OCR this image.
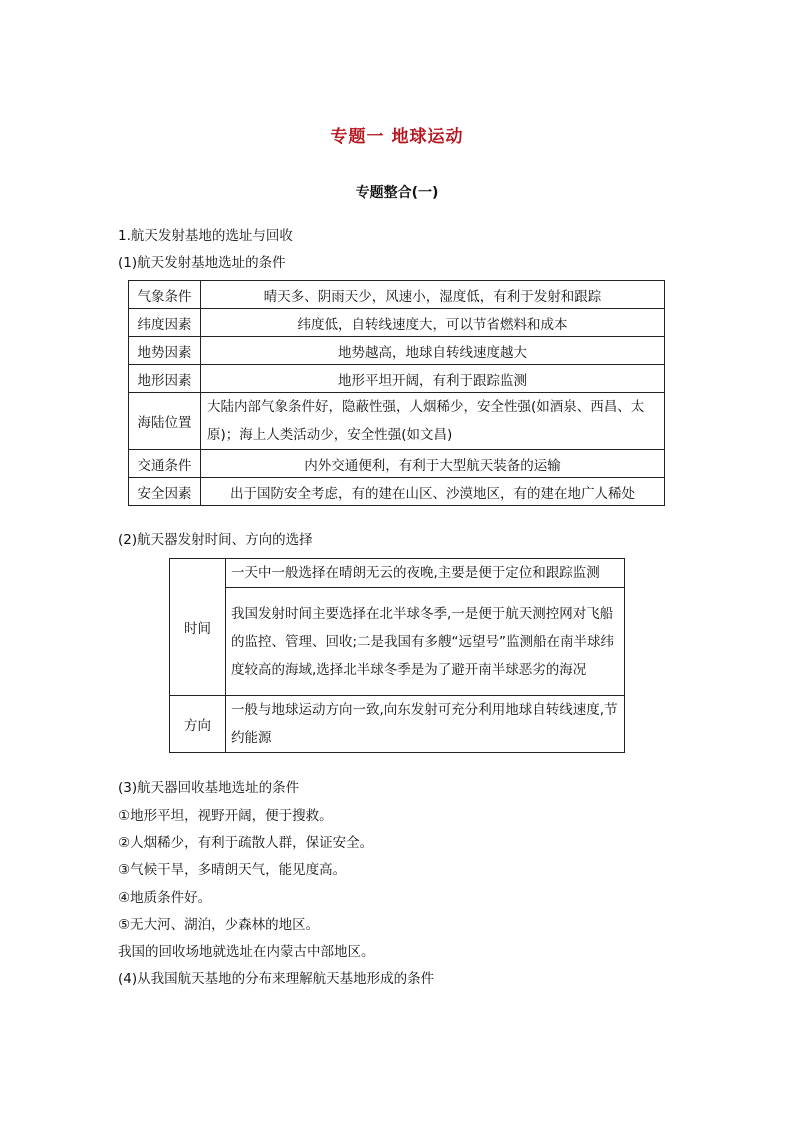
专题一 地球运动
专题整合(一)
1.航天发射基地的选址与回收
(1)航天发射基地选址的条件
气象条件	晴天多、阴雨天少，风速小，湿度低，有利于发射和跟踪
纬度因素	纬度低，自转线速度大，可以节省燃料和成本
地势因素	地势越高，地球自转线速度越大
地形因素	地形平坦开阔，有利于跟踪监测
海陆位置	大陆内部气象条件好，隐蔽性强，人烟稀少，安全性强(如酒泉、西昌、太原)；海上人类活动少，安全性强(如文昌)
交通条件	内外交通便利，有利于大型航天装备的运输
安全因素	出于国防安全考虑，有的建在山区、沙漠地区，有的建在地广人稀处
(2)航天器发射时间、方向的选择
时间	一天中一般选择在晴朗无云的夜晚,主要是便于定位和跟踪监测
	我国发射时间主要选择在北半球冬季,一是便于航天测控网对飞船的监控、管理、回收;二是我国有多艘“远望号”监测船在南半球纬度较高的海域,选择北半球冬季是为了避开南半球恶劣的海况
方向	一般与地球运动方向一致,向东发射可充分利用地球自转线速度,节约能源
(3)航天器回收基地选址的条件
①地形平坦，视野开阔，便于搜救。
②人烟稀少，有利于疏散人群，保证安全。
③气候干旱，多晴朗天气，能见度高。
④地质条件好。
⑤无大河、湖泊，少森林的地区。
我国的回收场地就选址在内蒙古中部地区。
(4)从我国航天基地的分布来理解航天基地形成的条件
